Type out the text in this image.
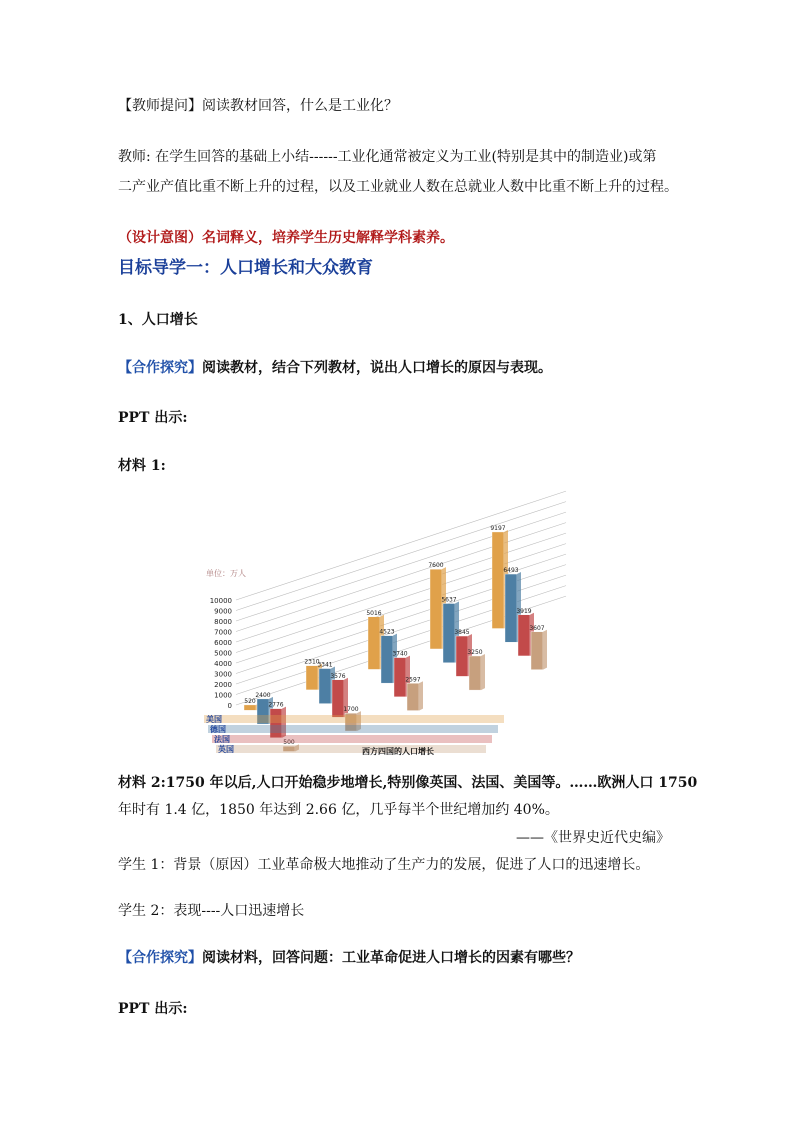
【教师提问】阅读教材回答，什么是工业化？

教师: 在学生回答的基础上小结------工业化通常被定义为工业(特别是其中的制造业)或第

二产业产值比重不断上升的过程，以及工业就业人数在总就业人数中比重不断上升的过程。

（设计意图）名词释义，培养学生历史解释学科素养。

目标导学一：人口增长和大众教育

1、人口增长

【合作探究】阅读教材，结合下列教材，说出人口增长的原因与表现。

PPT 出示:

材料 1:

0
1000
2000
3000
4000
5000
6000
7000
8000
9000
10000
520
2310
5016
7600
9197
2400
3341
4523
5637
6493
2776
3576
3740
3845
3919
500
1700
2597
3250
3607
美国
德国
法国
英国
单位：万人
西方四国的人口增长

材料 2:1750 年以后,人口开始稳步地增长,特别像英国、法国、美国等。……欧洲人口 1750

年时有 1.4 亿，1850 年达到 2.66 亿，几乎每半个世纪增加约 40%。

——《世界史近代史编》

学生 1：背景（原因）工业革命极大地推动了生产力的发展，促进了人口的迅速增长。

学生 2：表现----人口迅速增长

【合作探究】阅读材料，回答问题：工业革命促进人口增长的因素有哪些？

PPT 出示:
